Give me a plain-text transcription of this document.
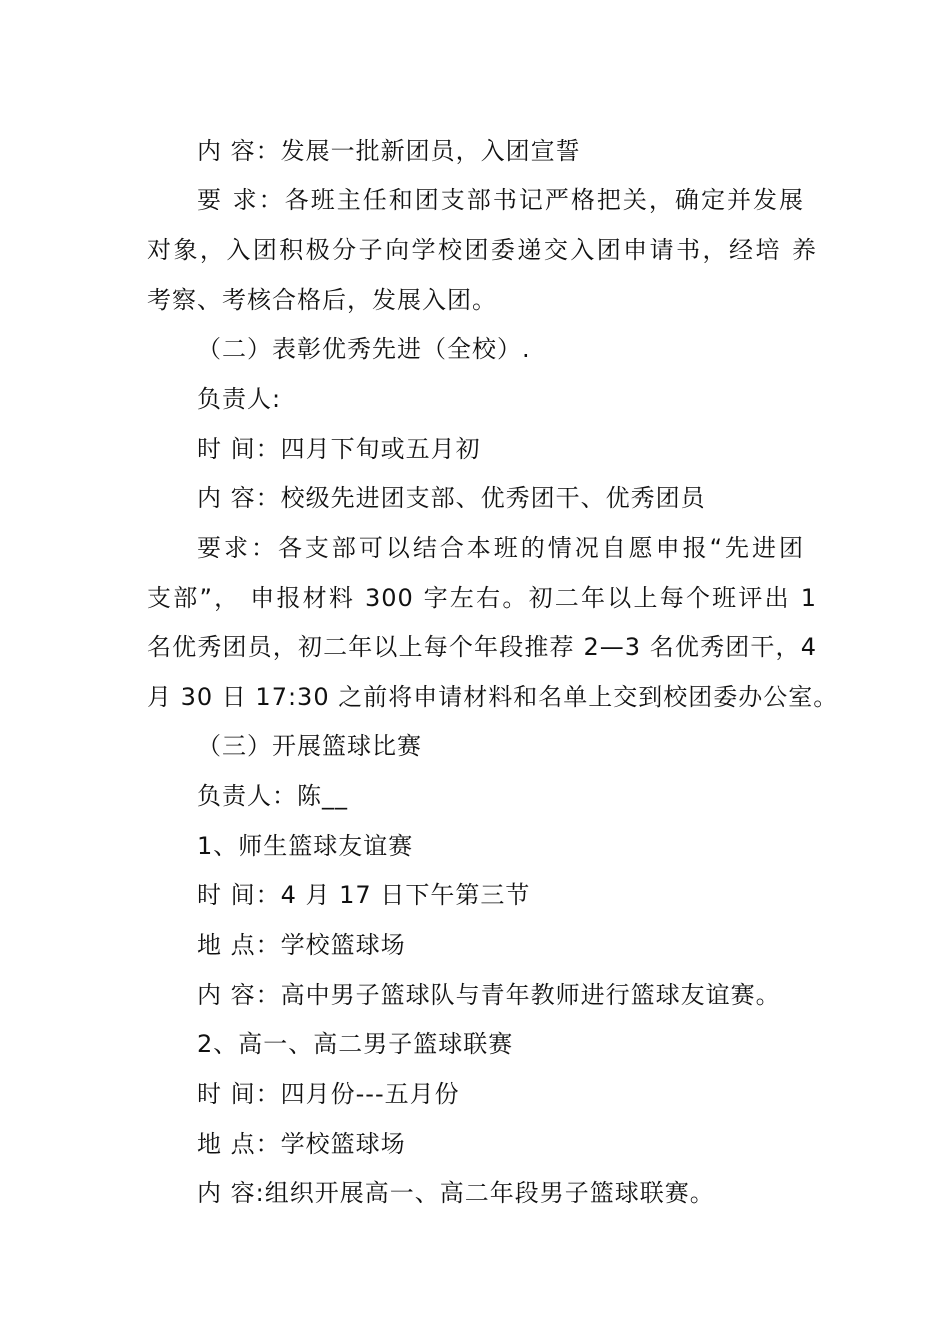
内 容：发展一批新团员，入团宣誓
要 求：各班主任和团支部书记严格把关，确定并发展
对象，入团积极分子向学校团委递交入团申请书，经培 养
考察、考核合格后，发展入团。
（二）表彰优秀先进（全校）.
负责人:
时 间：四月下旬或五月初
内 容：校级先进团支部、优秀团干、优秀团员
要求：各支部可以结合本班的情况自愿申报“先进团
支部”， 申报材料 300 字左右。初二年以上每个班评出 1
名优秀团员，初二年以上每个年段推荐 2—3 名优秀团干，4
月 30 日 17:30 之前将申请材料和名单上交到校团委办公室。
（三）开展篮球比赛
负责人：陈__
1、师生篮球友谊赛
时 间：4 月 17 日下午第三节
地 点：学校篮球场
内 容：高中男子篮球队与青年教师进行篮球友谊赛。
2、高一、高二男子篮球联赛
时 间：四月份---五月份
地 点：学校篮球场
内 容:组织开展高一、高二年段男子篮球联赛。
